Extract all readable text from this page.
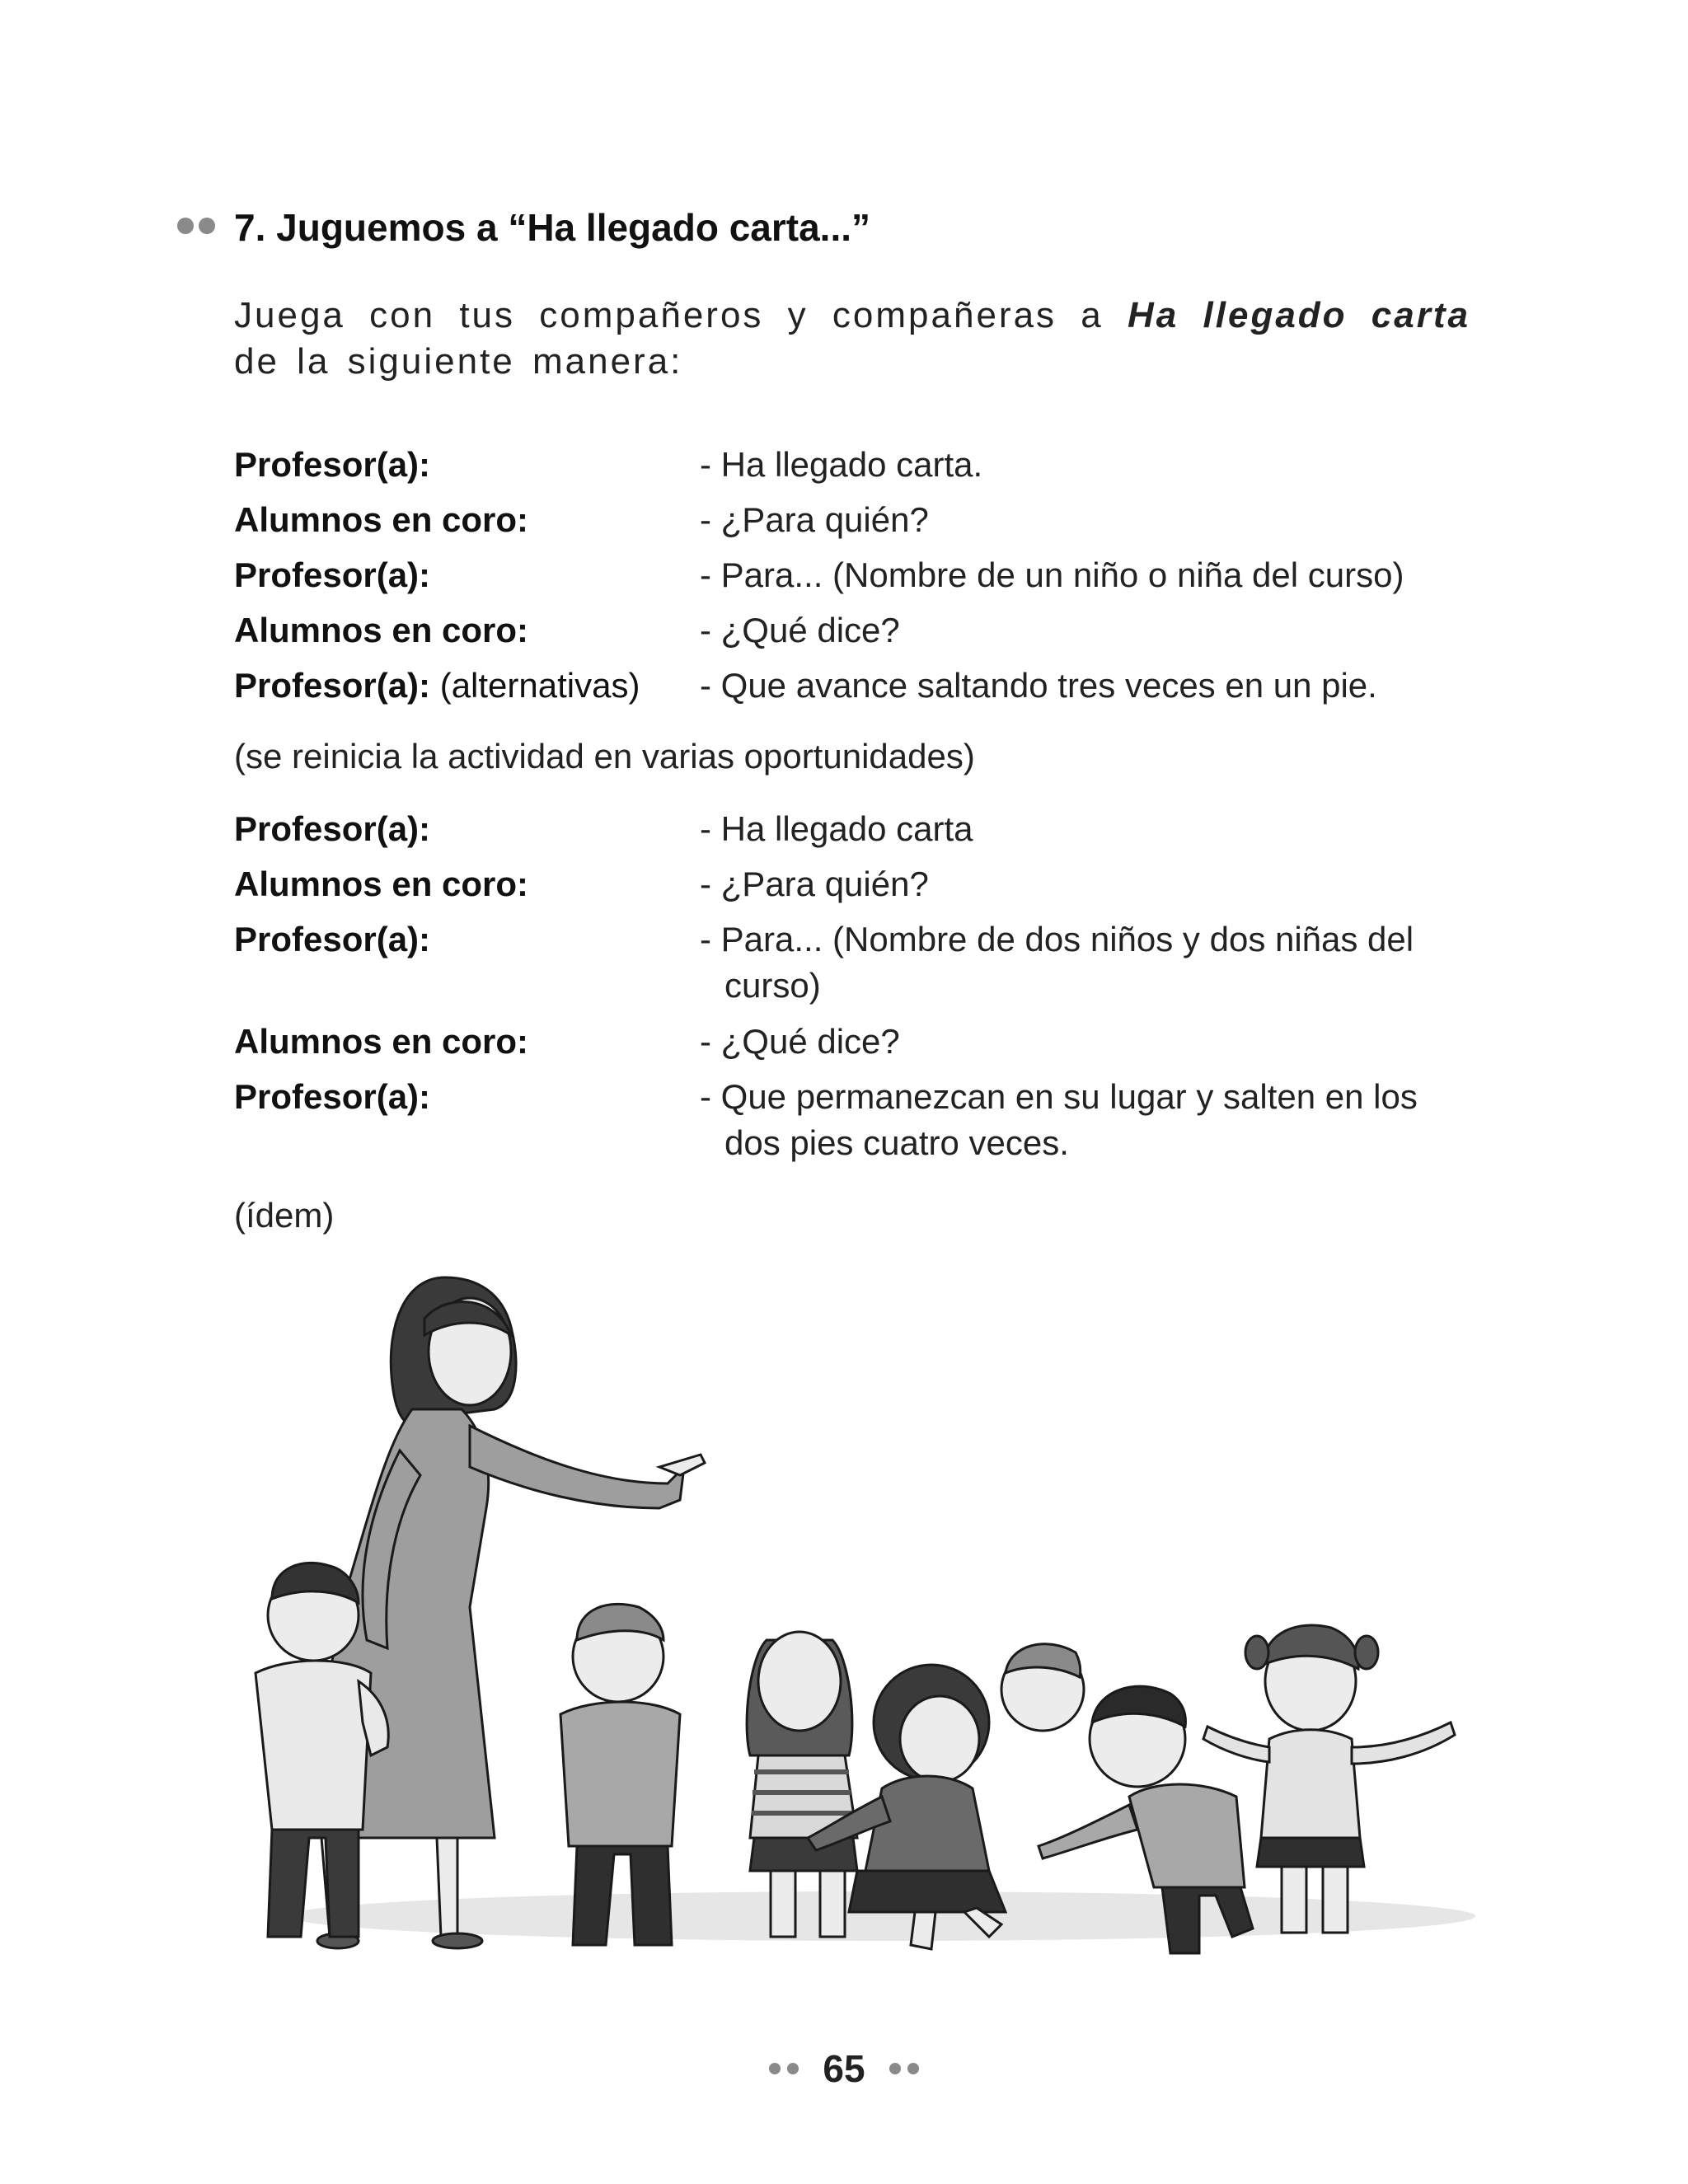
7. Juguemos a “Ha llegado carta...”
Juega con tus compañeros y compañeras a Ha llegado carta de la siguiente manera:
Profesor(a):	- Ha llegado carta.
Alumnos en coro:	- ¿Para quién?
Profesor(a):	- Para... (Nombre de un niño o niña del curso)
Alumnos en coro:	- ¿Qué dice?
Profesor(a): (alternativas) - Que avance saltando tres veces en un pie.
(se reinicia la actividad en varias oportunidades)
Profesor(a):	- Ha llegado carta
Alumnos en coro:	- ¿Para quién?
Profesor(a):	- Para... (Nombre de dos niños y dos niñas del curso)
Alumnos en coro:	- ¿Qué dice?
Profesor(a):	- Que permanezcan en su lugar y salten en los dos pies cuatro veces.
(ídem)
65
